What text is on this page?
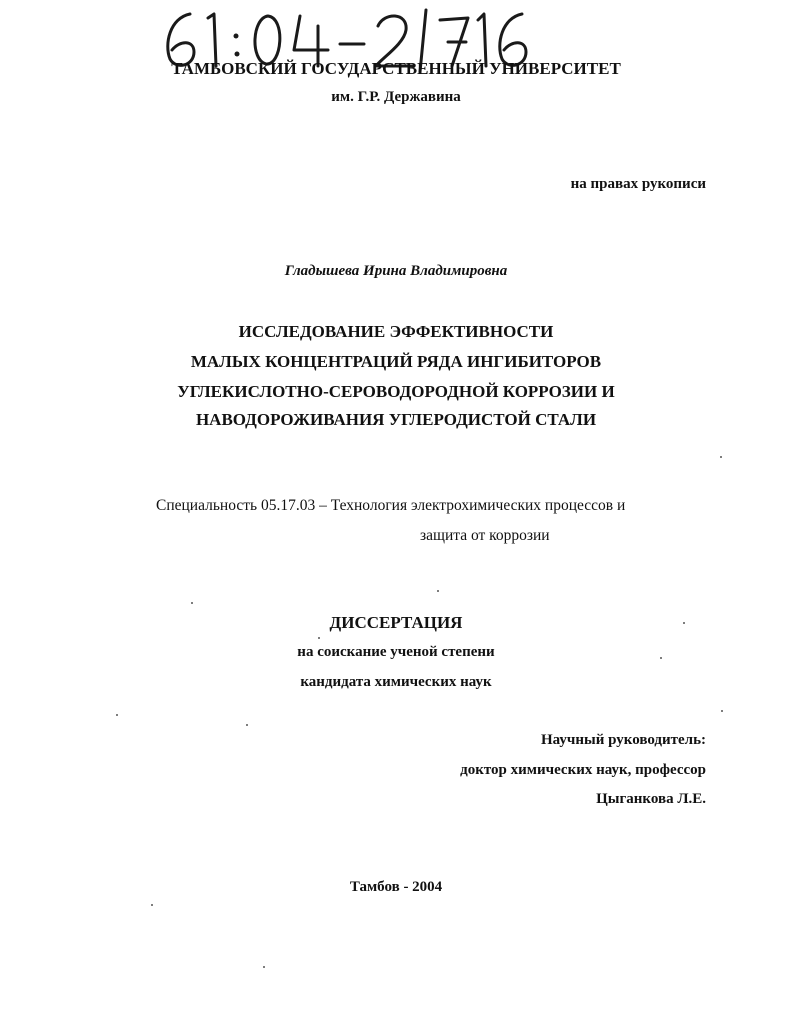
ТАМБОВСКИЙ ГОСУДАРСТВЕННЫЙ УНИВЕРСИТЕТ
им. Г.Р. Державина
на правах рукописи
Гладышева Ирина Владимировна
ИССЛЕДОВАНИЕ ЭФФЕКТИВНОСТИ
МАЛЫХ КОНЦЕНТРАЦИЙ РЯДА ИНГИБИТОРОВ
УГЛЕКИСЛОТНО-СЕРОВОДОРОДНОЙ КОРРОЗИИ И
НАВОДОРОЖИВАНИЯ УГЛЕРОДИСТОЙ СТАЛИ
Специальность 05.17.03 – Технология электрохимических процессов и
защита от коррозии
ДИССЕРТАЦИЯ
на соискание ученой степени
кандидата химических наук
Научный руководитель:
доктор химических наук, профессор
Цыганкова Л.Е.
Тамбов - 2004
